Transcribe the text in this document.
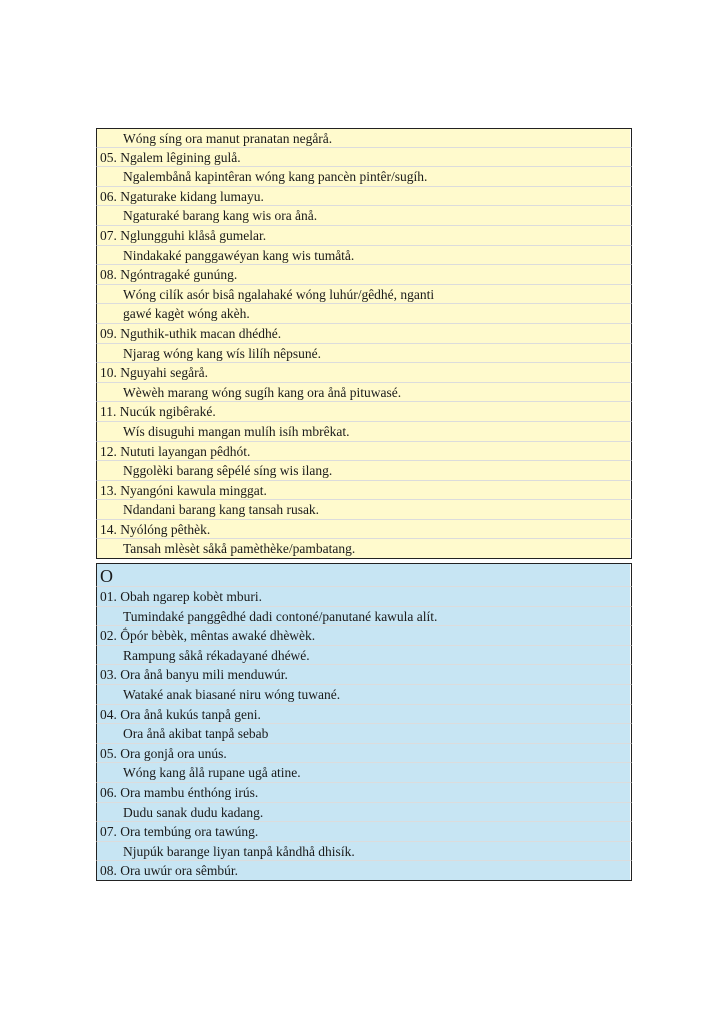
Wóng síng ora manut pranatan negårå.
05. Ngalem lêgining gulå.
Ngalembånå kapintêran wóng kang pancèn pintêr/sugíh.
06. Ngaturake kidang lumayu.
Ngaturaké barang kang wis ora ånå.
07. Nglungguhi klåså gumelar.
Nindakaké panggawéyan kang wis tumåtå.
08. Ngóntragaké gunúng.
Wóng cilík asór bisâ ngalahaké wóng luhúr/gêdhé, nganti
gawé kagèt wóng akèh.
09. Nguthik-uthik macan dhédhé.
Njarag wóng kang wís lilíh nêpsuné.
10. Nguyahi segårå.
Wèwèh marang wóng sugíh kang ora ånå pituwasé.
11. Nucúk ngibêraké.
Wís disuguhi mangan mulíh isíh mbrêkat.
12. Nututi layangan pêdhót.
Nggolèki barang sêpélé síng wis ilang.
13. Nyangóni kawula minggat.
Ndandani barang kang tansah rusak.
14. Nyólóng pêthèk.
Tansah mlèsèt såkå pamèthèke/pambatang.
O
01. Obah ngarep kobèt mburi.
Tumindaké panggêdhé dadi contoné/panutané kawula alít.
02. Ṓpór bèbèk, mêntas awaké dhèwèk.
Rampung såkå rékadayané dhéwé.
03. Ora ånå banyu mili menduwúr.
Wataké anak biasané niru wóng tuwané.
04. Ora ånå kukús tanpå geni.
Ora ånå akibat tanpå sebab
05. Ora gonjå ora unús.
Wóng kang ålå rupane ugå atine.
06. Ora mambu énthóng irús.
Dudu sanak dudu kadang.
07. Ora tembúng ora tawúng.
Njupúk barange liyan tanpå kåndhå dhisík.
08. Ora uwúr ora sêmbúr.
